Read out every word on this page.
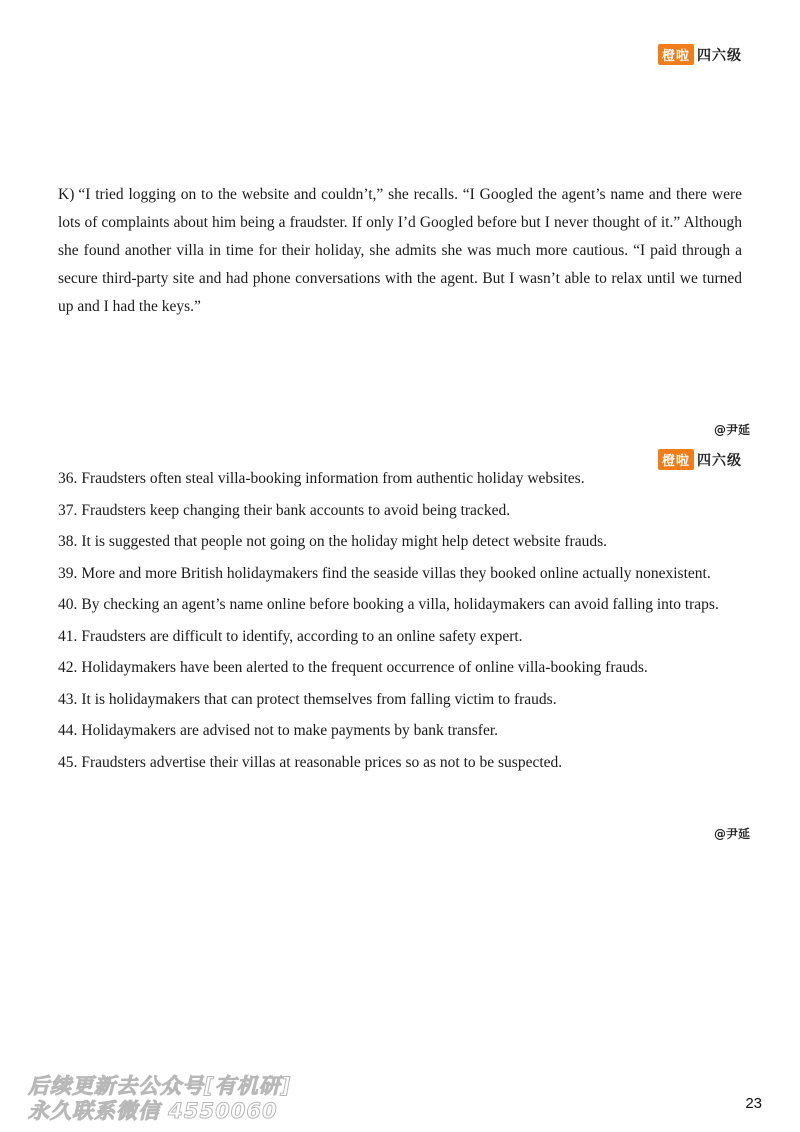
橙啦 四六级
K) “I tried logging on to the website and couldn’t,” she recalls. “I Googled the agent’s name and there were lots of complaints about him being a fraudster. If only I’d Googled before but I never thought of it.” Although she found another villa in time for their holiday, she admits she was much more cautious. “I paid through a secure third-party site and had phone conversations with the agent. But I wasn’t able to relax until we turned up and I had the keys.”
@尹延
橙啦 四六级
36. Fraudsters often steal villa-booking information from authentic holiday websites.
37. Fraudsters keep changing their bank accounts to avoid being tracked.
38. It is suggested that people not going on the holiday might help detect website frauds.
39. More and more British holidaymakers find the seaside villas they booked online actually nonexistent.
40. By checking an agent’s name online before booking a villa, holidaymakers can avoid falling into traps.
41. Fraudsters are difficult to identify, according to an online safety expert.
42. Holidaymakers have been alerted to the frequent occurrence of online villa-booking frauds.
43. It is holidaymakers that can protect themselves from falling victim to frauds.
44. Holidaymakers are advised not to make payments by bank transfer.
45. Fraudsters advertise their villas at reasonable prices so as not to be suspected.
@尹延
后续更新去公众号[有机研]
永久联系微信 4550060	23
